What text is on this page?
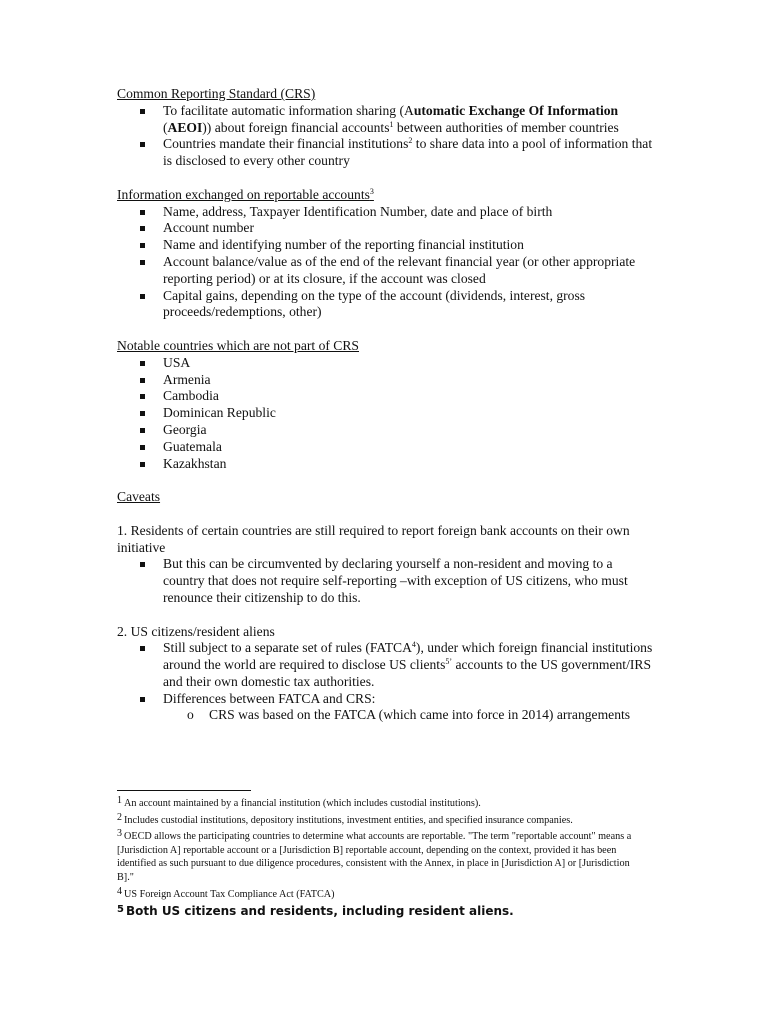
Common Reporting Standard (CRS)

To facilitate automatic information sharing (Automatic Exchange Of Information (AEOI)) about foreign financial accounts$^1$ between authorities of member countries
Countries mandate their financial institutions$^2$ to share data into a pool of information that is disclosed to every other country

Information exchanged on reportable accounts$^3$

Name, address, Taxpayer Identification Number, date and place of birth
Account number
Name and identifying number of the reporting financial institution
Account balance/value as of the end of the relevant financial year (or other appropriate reporting period) or at its closure, if the account was closed
Capital gains, depending on the type of the account (dividends, interest, gross proceeds/redemptions, other)

Notable countries which are not part of CRS

USA
Armenia
Cambodia
Dominican Republic
Georgia
Guatemala
Kazakhstan

Caveats

1. Residents of certain countries are still required to report foreign bank accounts on their own initiative

But this can be circumvented by declaring yourself a non-resident and moving to a country that does not require self-reporting –with exception of US citizens, who must renounce their citizenship to do this.

2. US citizens/resident aliens

Still subject to a separate set of rules (FATCA$^4$), under which foreign financial institutions around the world are required to disclose US clients$^{5’}$ accounts to the US government/IRS and their own domestic tax authorities.
Differences between FATCA and CRS:
o CRS was based on the FATCA (which came into force in 2014) arrangements

1 An account maintained by a financial institution (which includes custodial institutions).

2 Includes custodial institutions, depository institutions, investment entities, and specified insurance companies.

3 OECD allows the participating countries to determine what accounts are reportable. "The term "reportable account" means a [Jurisdiction A] reportable account or a [Jurisdiction B] reportable account, depending on the context, provided it has been identified as such pursuant to due diligence procedures, consistent with the Annex, in place in [Jurisdiction A] or [Jurisdiction B]."

4 US Foreign Account Tax Compliance Act (FATCA)

$^5$ Both US citizens and residents, including resident aliens.
